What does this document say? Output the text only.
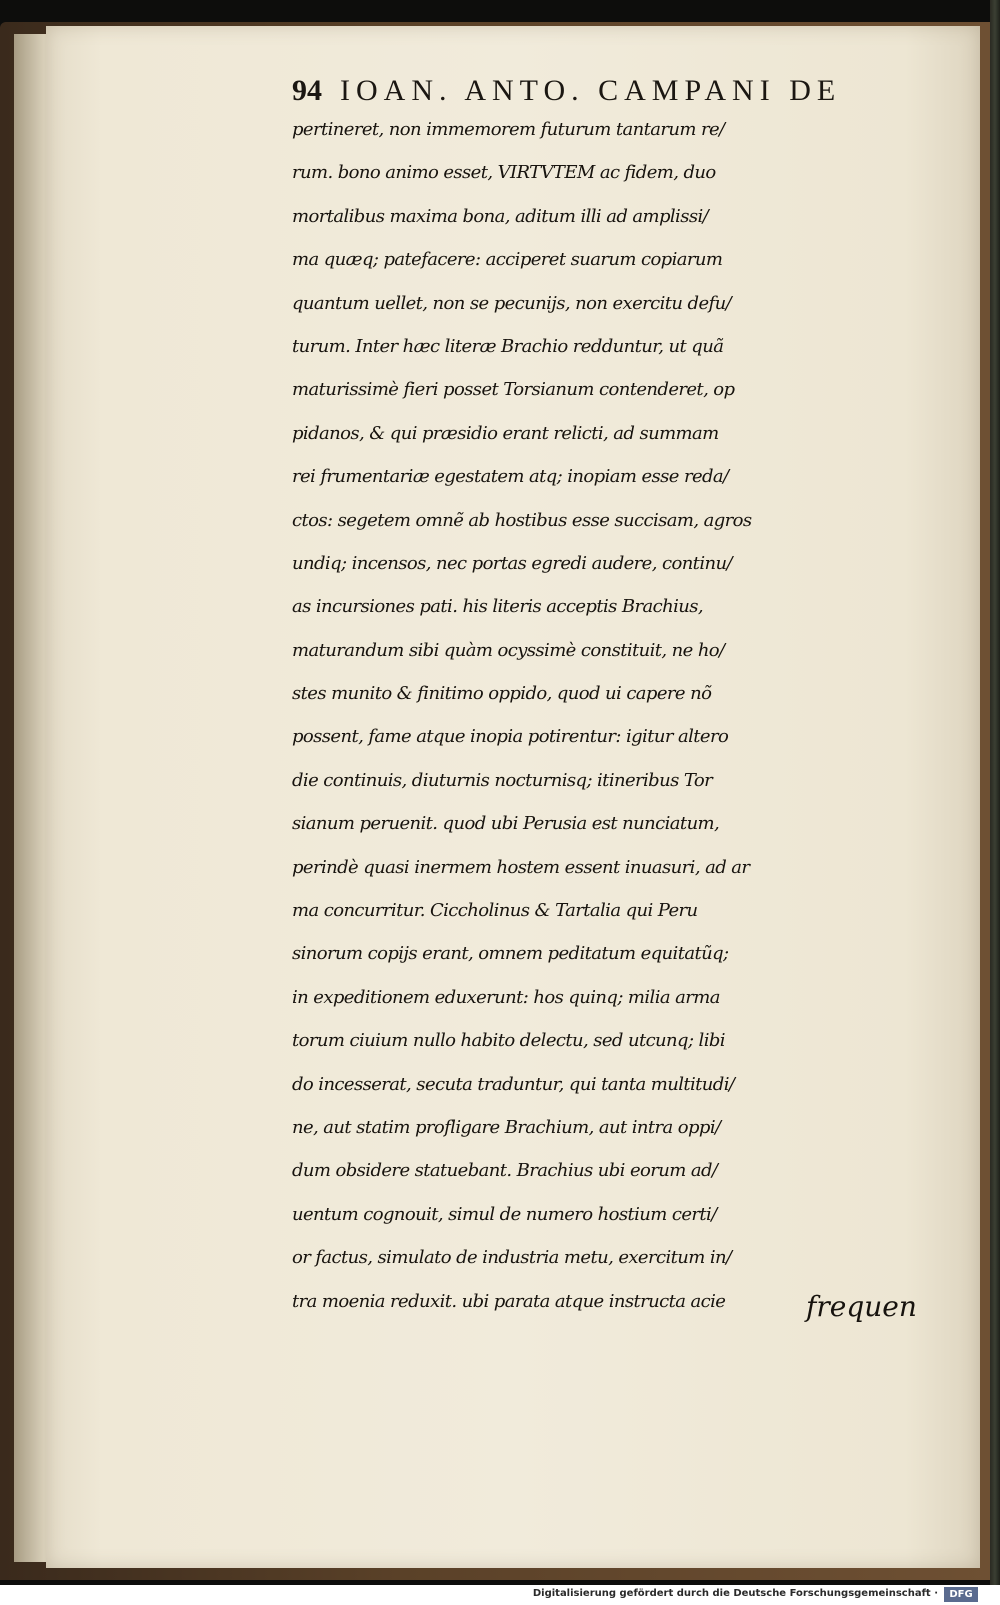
94 IOAN. ANTO. CAMPANI DE
pertineret, non immemorem futurum tantarum re/
rum. bono animo esset, VIRTVTEM ac fidem, duo
mortalibus maxima bona, aditum illi ad amplissi/
ma quæq; patefacere: acciperet suarum copiarum
quantum uellet, non se pecunijs, non exercitu defu/
turum. Inter hæc literæ Brachio redduntur, ut quã
maturissimè fieri posset Torsianum contenderet, op
pidanos, & qui præsidio erant relicti, ad summam
rei frumentariæ egestatem atq; inopiam esse reda/
ctos: segetem omnẽ ab hostibus esse succisam, agros
undiq; incensos, nec portas egredi audere, continu/
as incursiones pati. his literis acceptis Brachius,
maturandum sibi quàm ocyssimè constituit, ne ho/
stes munito & finitimo oppido, quod ui capere nõ
possent, fame atque inopia potirentur: igitur altero
die continuis, diuturnis nocturnisq; itineribus Tor
sianum peruenit. quod ubi Perusia est nunciatum,
perindè quasi inermem hostem essent inuasuri, ad ar
ma concurritur. Ciccholinus & Tartalia qui Peru
sinorum copijs erant, omnem peditatum equitatũq;
in expeditionem eduxerunt: hos quinq; milia arma
torum ciuium nullo habito delectu, sed utcunq; libi
do incesserat, secuta traduntur, qui tanta multitudi/
ne, aut statim profligare Brachium, aut intra oppi/
dum obsidere statuebant. Brachius ubi eorum ad/
uentum cognouit, simul de numero hostium certi/
or factus, simulato de industria metu, exercitum in/
tra moenia reduxit. ubi parata atque instructa acie	frequen
Digitalisierung gefördert durch die Deutsche Forschungsgemeinschaft ·	DFG
